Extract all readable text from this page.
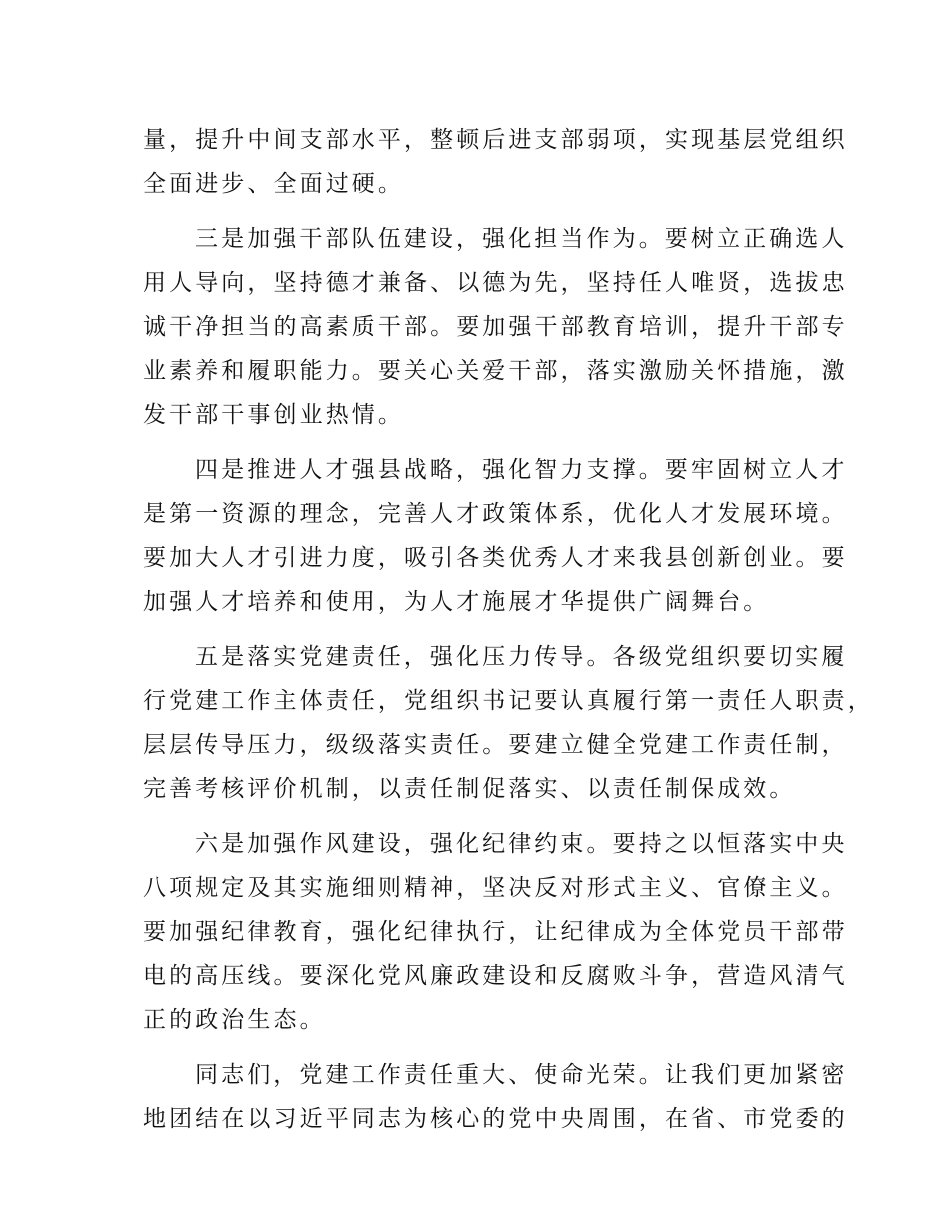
量，提升中间支部水平，整顿后进支部弱项，实现基层党组织
全面进步、全面过硬。
三是加强干部队伍建设，强化担当作为。要树立正确选人
用人导向，坚持德才兼备、以德为先，坚持任人唯贤，选拔忠
诚干净担当的高素质干部。要加强干部教育培训，提升干部专
业素养和履职能力。要关心关爱干部，落实激励关怀措施，激
发干部干事创业热情。
四是推进人才强县战略，强化智力支撑。要牢固树立人才
是第一资源的理念，完善人才政策体系，优化人才发展环境。
要加大人才引进力度，吸引各类优秀人才来我县创新创业。要
加强人才培养和使用，为人才施展才华提供广阔舞台。
五是落实党建责任，强化压力传导。各级党组织要切实履
行党建工作主体责任，党组织书记要认真履行第一责任人职责，
层层传导压力，级级落实责任。要建立健全党建工作责任制，
完善考核评价机制，以责任制促落实、以责任制保成效。
六是加强作风建设，强化纪律约束。要持之以恒落实中央
八项规定及其实施细则精神，坚决反对形式主义、官僚主义。
要加强纪律教育，强化纪律执行，让纪律成为全体党员干部带
电的高压线。要深化党风廉政建设和反腐败斗争，营造风清气
正的政治生态。
同志们，党建工作责任重大、使命光荣。让我们更加紧密
地团结在以习近平同志为核心的党中央周围，在省、市党委的
